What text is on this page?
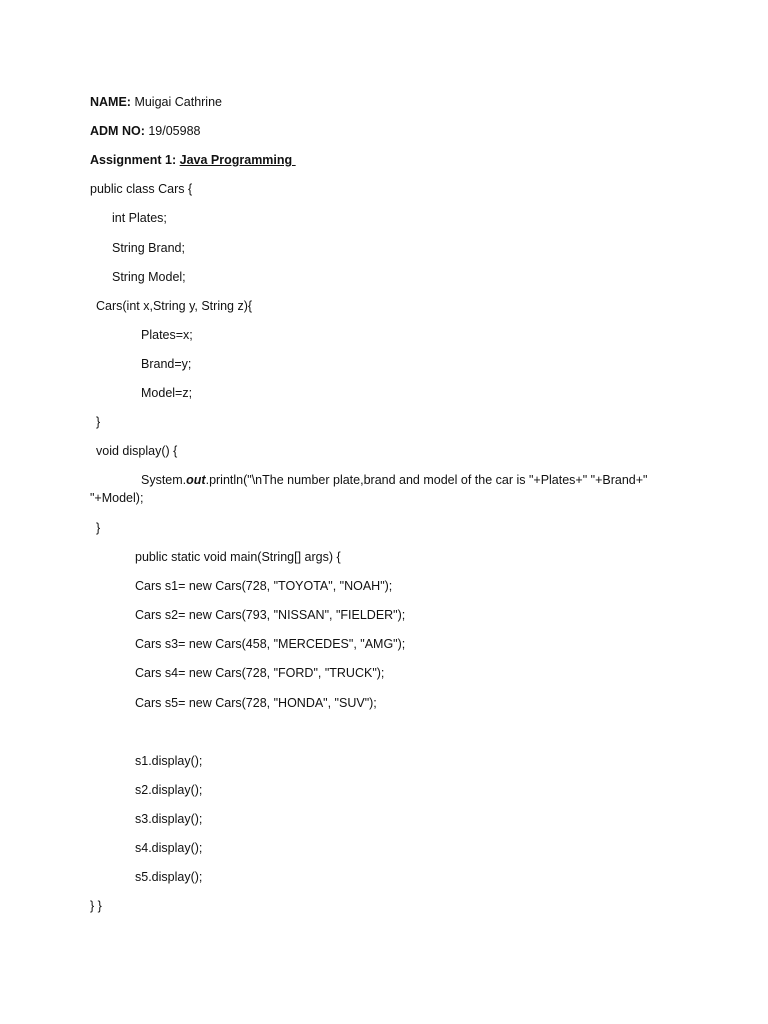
NAME: Muigai Cathrine
ADM NO: 19/05988
Assignment 1: Java Programming
public class Cars {
int Plates;
String Brand;
String Model;
Cars(int x,String y, String z){
Plates=x;
Brand=y;
Model=z;
}
void display() {
System.out.println("\nThe number plate,brand and model of the car is "+Plates+" "+Brand+" "+Model);
}
public static void main(String[] args) {
Cars s1= new Cars(728, "TOYOTA", "NOAH");
Cars s2= new Cars(793, "NISSAN", "FIELDER");
Cars s3= new Cars(458, "MERCEDES", "AMG");
Cars s4= new Cars(728, "FORD", "TRUCK");
Cars s5= new Cars(728, "HONDA", "SUV");
s1.display();
s2.display();
s3.display();
s4.display();
s5.display();
} }
